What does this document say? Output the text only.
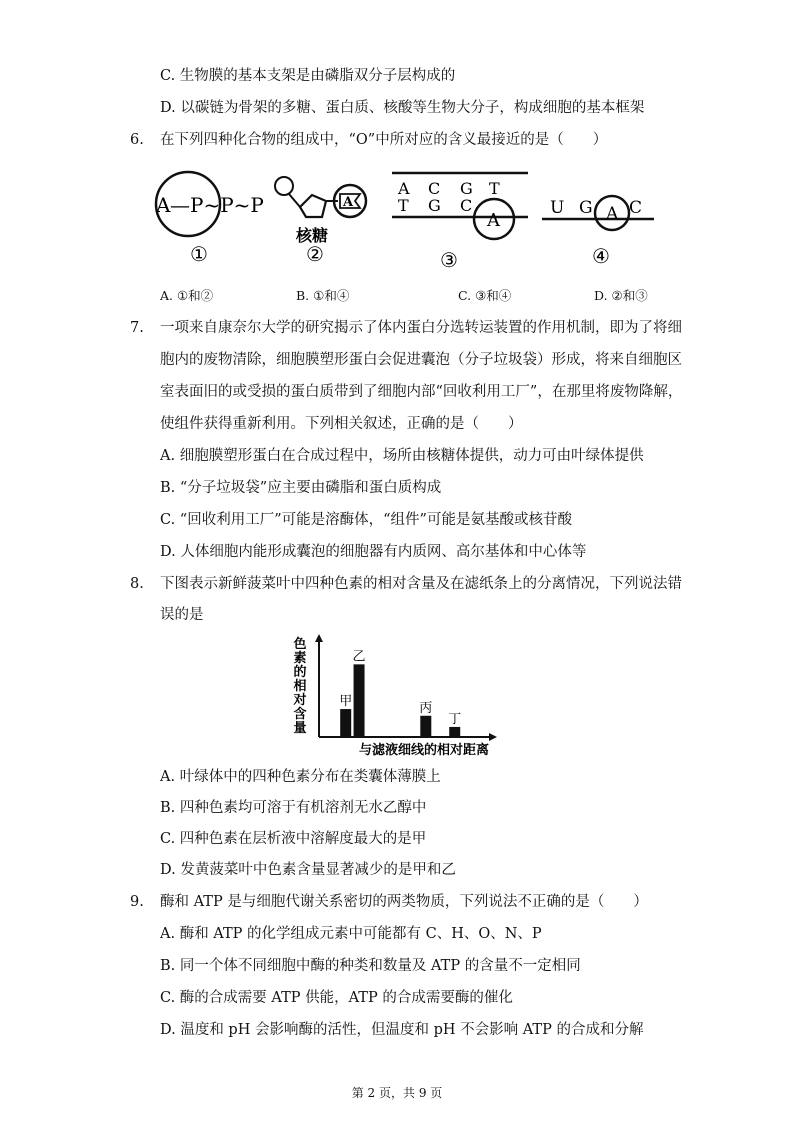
C. 生物膜的基本支架是由磷脂双分子层构成的
D. 以碳链为骨架的多糖、蛋白质、核酸等生物大分子，构成细胞的基本框架
6. 在下列四种化合物的组成中，“O”中所对应的含义最接近的是（　　）
A —P~P~P
①
A
核糖
②
A C G T
T G C
A
③
U G A C
④
A. ①和②	B. ①和④	C. ③和④	D. ②和③
7. 一项来自康奈尔大学的研究揭示了体内蛋白分选转运装置的作用机制，即为了将细
胞内的废物清除，细胞膜塑形蛋白会促进囊泡（分子垃圾袋）形成，将来自细胞区
室表面旧的或受损的蛋白质带到了细胞内部“回收利用工厂”，在那里将废物降解，
使组件获得重新利用。下列相关叙述，正确的是（　　）
A. 细胞膜塑形蛋白在合成过程中，场所由核糖体提供，动力可由叶绿体提供
B. “分子垃圾袋”应主要由磷脂和蛋白质构成
C. “回收利用工厂”可能是溶酶体，“组件”可能是氨基酸或核苷酸
D. 人体细胞内能形成囊泡的细胞器有内质网、高尔基体和中心体等
8. 下图表示新鲜菠菜叶中四种色素的相对含量及在滤纸条上的分离情况，下列说法错
误的是
色
素
的
相
对
含
量
甲
乙
丙
丁
与滤液细线的相对距离
A. 叶绿体中的四种色素分布在类囊体薄膜上
B. 四种色素均可溶于有机溶剂无水乙醇中
C. 四种色素在层析液中溶解度最大的是甲
D. 发黄菠菜叶中色素含量显著减少的是甲和乙
9. 酶和 ATP 是与细胞代谢关系密切的两类物质，下列说法不正确的是（　　）
A. 酶和 ATP 的化学组成元素中可能都有 C、H、O、N、P
B. 同一个体不同细胞中酶的种类和数量及 ATP 的含量不一定相同
C. 酶的合成需要 ATP 供能，ATP 的合成需要酶的催化
D. 温度和 pH 会影响酶的活性，但温度和 pH 不会影响 ATP 的合成和分解
第 2 页，共 9 页
